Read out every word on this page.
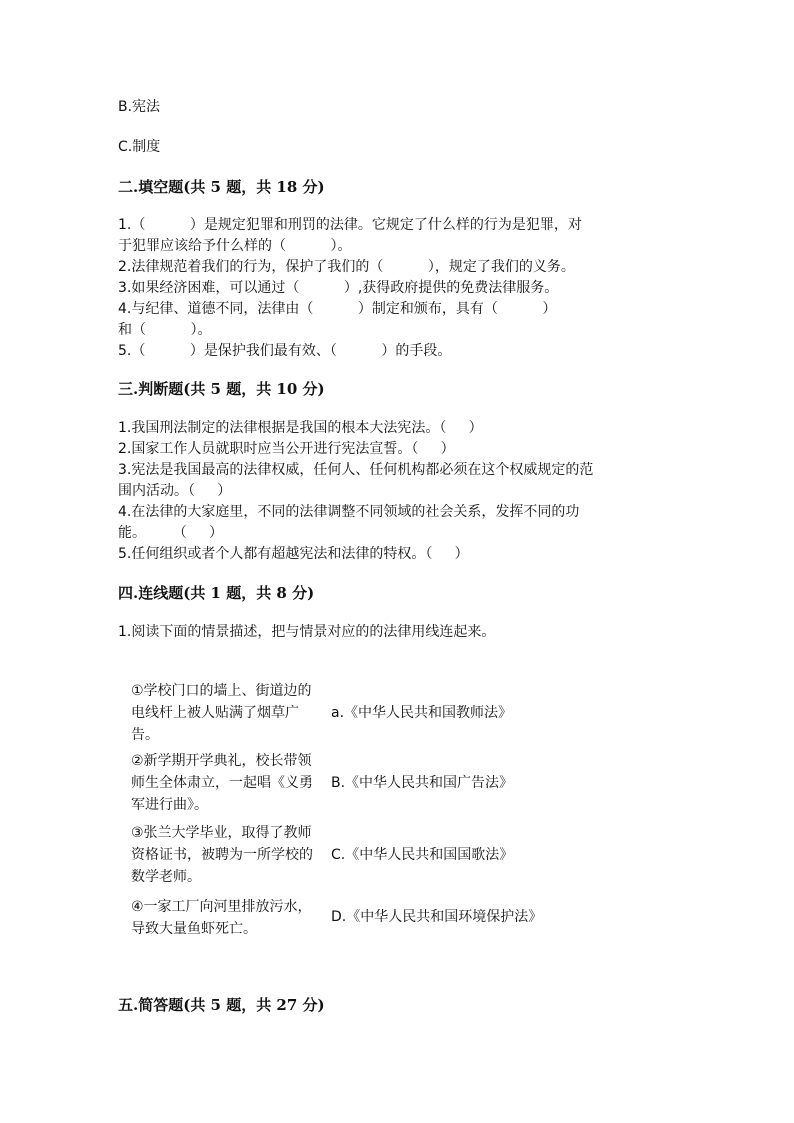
B.宪法
C.制度
二.填空题(共 5 题，共 18 分)
1.（          ）是规定犯罪和刑罚的法律。它规定了什么样的行为是犯罪，对
于犯罪应该给予什么样的（          ）。
2.法律规范着我们的行为，保护了我们的（          ），规定了我们的义务。
3.如果经济困难，可以通过（          ）,获得政府提供的免费法律服务。
4.与纪律、道德不同，法律由（          ）制定和颁布，具有（          ）
和（          ）。
5.（          ）是保护我们最有效、（          ）的手段。
三.判断题(共 5 题，共 10 分)
1.我国刑法制定的法律根据是我国的根本大法宪法。（     ）
2.国家工作人员就职时应当公开进行宪法宣誓。（     ）
3.宪法是我国最高的法律权威，任何人、任何机构都必须在这个权威规定的范
围内活动。（     ）
4.在法律的大家庭里，不同的法律调整不同领域的社会关系，发挥不同的功
能。      （     ）
5.任何组织或者个人都有超越宪法和法律的特权。（     ）
四.连线题(共 1 题，共 8 分)
1.阅读下面的情景描述，把与情景对应的的法律用线连起来。
①学校门口的墙上、街道边的
电线杆上被人贴满了烟草广
告。
a.《中华人民共和国教师法》
②新学期开学典礼，校长带领
师生全体肃立，一起唱《义勇
军进行曲》。
B.《中华人民共和国广告法》
③张兰大学毕业，取得了教师
资格证书，被聘为一所学校的
数学老师。
C.《中华人民共和国国歌法》
④一家工厂向河里排放污水，
导致大量鱼虾死亡。
D.《中华人民共和国环境保护法》
五.简答题(共 5 题，共 27 分)
